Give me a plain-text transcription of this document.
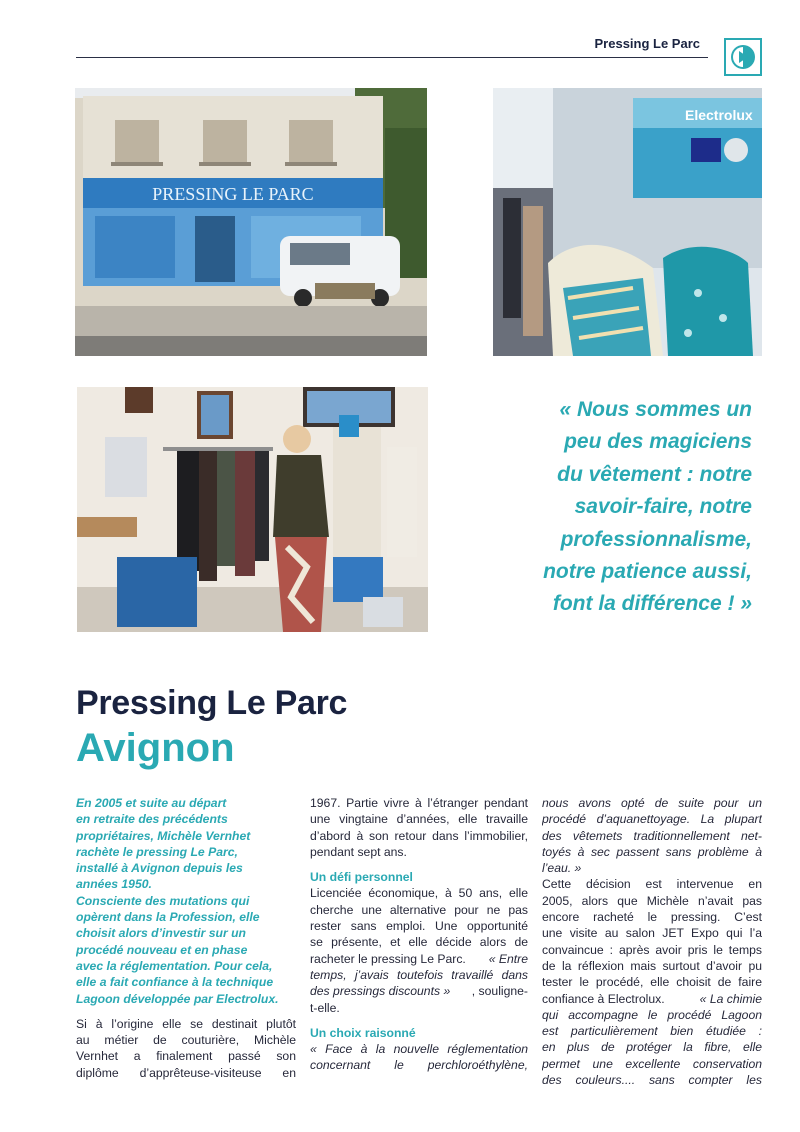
Pressing Le Parc
PRESSING LE PARC
Electrolux
« Nous sommes un
peu des magiciens
du vêtement : notre
savoir-faire, notre
professionnalisme,
notre patience aussi,
font la différence ! »
Pressing Le Parc
Avignon
En 2005 et suite au départ
en retraite des précédents
propriétaires, Michèle Vernhet
rachète le pressing Le Parc,
installé à Avignon depuis les
années 1950.
Consciente des mutations qui
opèrent dans la Profession, elle
choisit alors d’investir sur un
procédé nouveau et en phase
avec la réglementation. Pour cela,
elle a fait confiance à la technique
Lagoon développée par Electrolux.
Si à l’origine elle se destinait plutôt
au métier de couturière, Michèle
Vernhet a finalement passé son
diplôme d’apprêteuse-visiteuse en
1967. Partie vivre à l’étranger pendant
une vingtaine d’années, elle travaille
d’abord à son retour dans l’immobilier,
pendant sept ans.
Un défi personnel
Licenciée économique, à 50 ans, elle
cherche une alternative pour ne pas
rester sans emploi. Une opportunité
se présente, et elle décide alors de
racheter le pressing Le Parc. « Entre
temps, j’avais toutefois travaillé dans
des pressings discounts » , souligne-
t-elle.
Un choix raisonné
« Face à la nouvelle réglementation
concernant le perchloroéthylène,
nous avons opté de suite pour un
procédé d’aquanettoyage. La plupart
des vêtemets traditionnellement net-
toyés à sec passent sans problème à
l’eau. »
Cette décision est intervenue en
2005, alors que Michèle n’avait pas
encore racheté le pressing. C’est
une visite au salon JET Expo qui l’a
convaincue : après avoir pris le temps
de la réflexion mais surtout d’avoir pu
tester le procédé, elle choisit de faire
confiance à Electrolux.	« La chimie
qui accompagne le procédé Lagoon
est particulièrement bien étudiée :
en plus de protéger la fibre, elle
permet une excellente conservation
des couleurs.... sans compter les
